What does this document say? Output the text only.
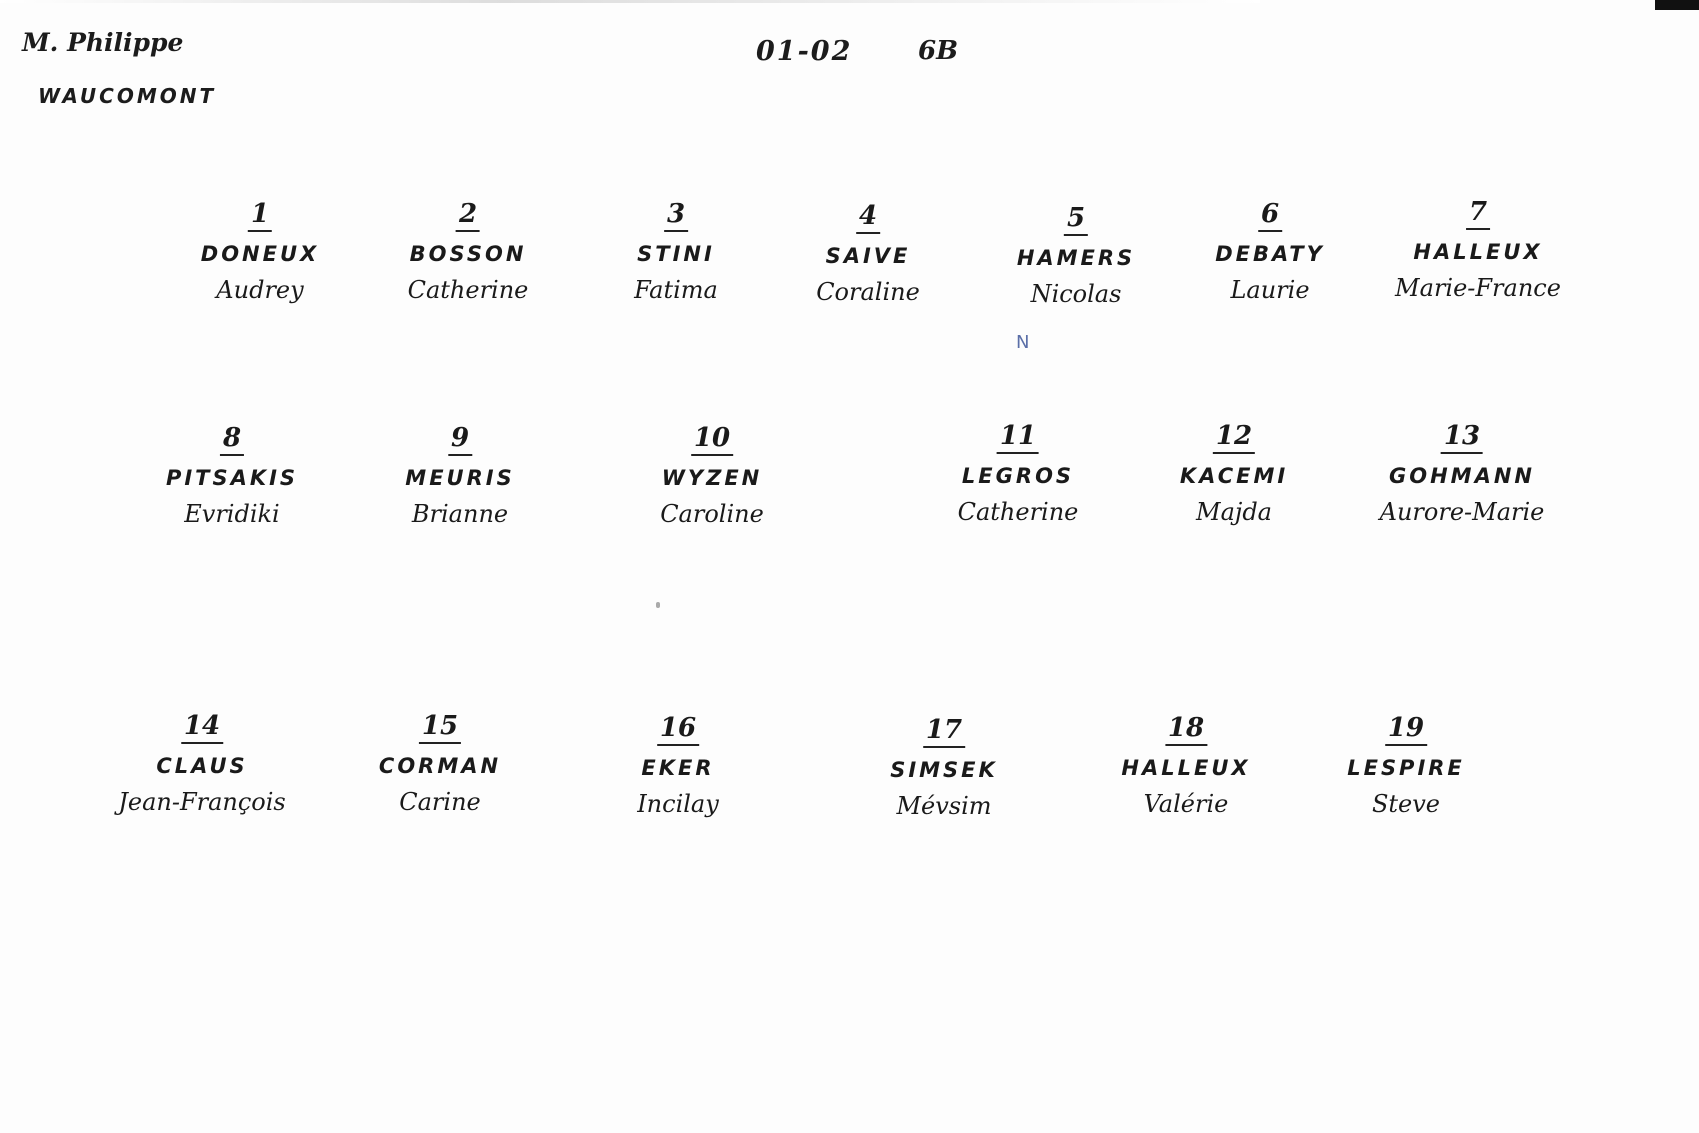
M. Philippe
WAUCOMONT
01-02	6B
1
DONEUX
Audrey
2
BOSSON
Catherine
3
STINI
Fatima
4
SAIVE
Coraline
5
HAMERS
Nicolas
6
DEBATY
Laurie
7
HALLEUX
Marie-France
8
PITSAKIS
Evridiki
9
MEURIS
Brianne
10
WYZEN
Caroline
11
LEGROS
Catherine
12
KACEMI
Majda
13
GOHMANN
Aurore-Marie
14
CLAUS
Jean-François
15
CORMAN
Carine
16
EKER
Incilay
17
SIMSEK
Mévsim
18
HALLEUX
Valérie
19
LESPIRE
Steve
N
